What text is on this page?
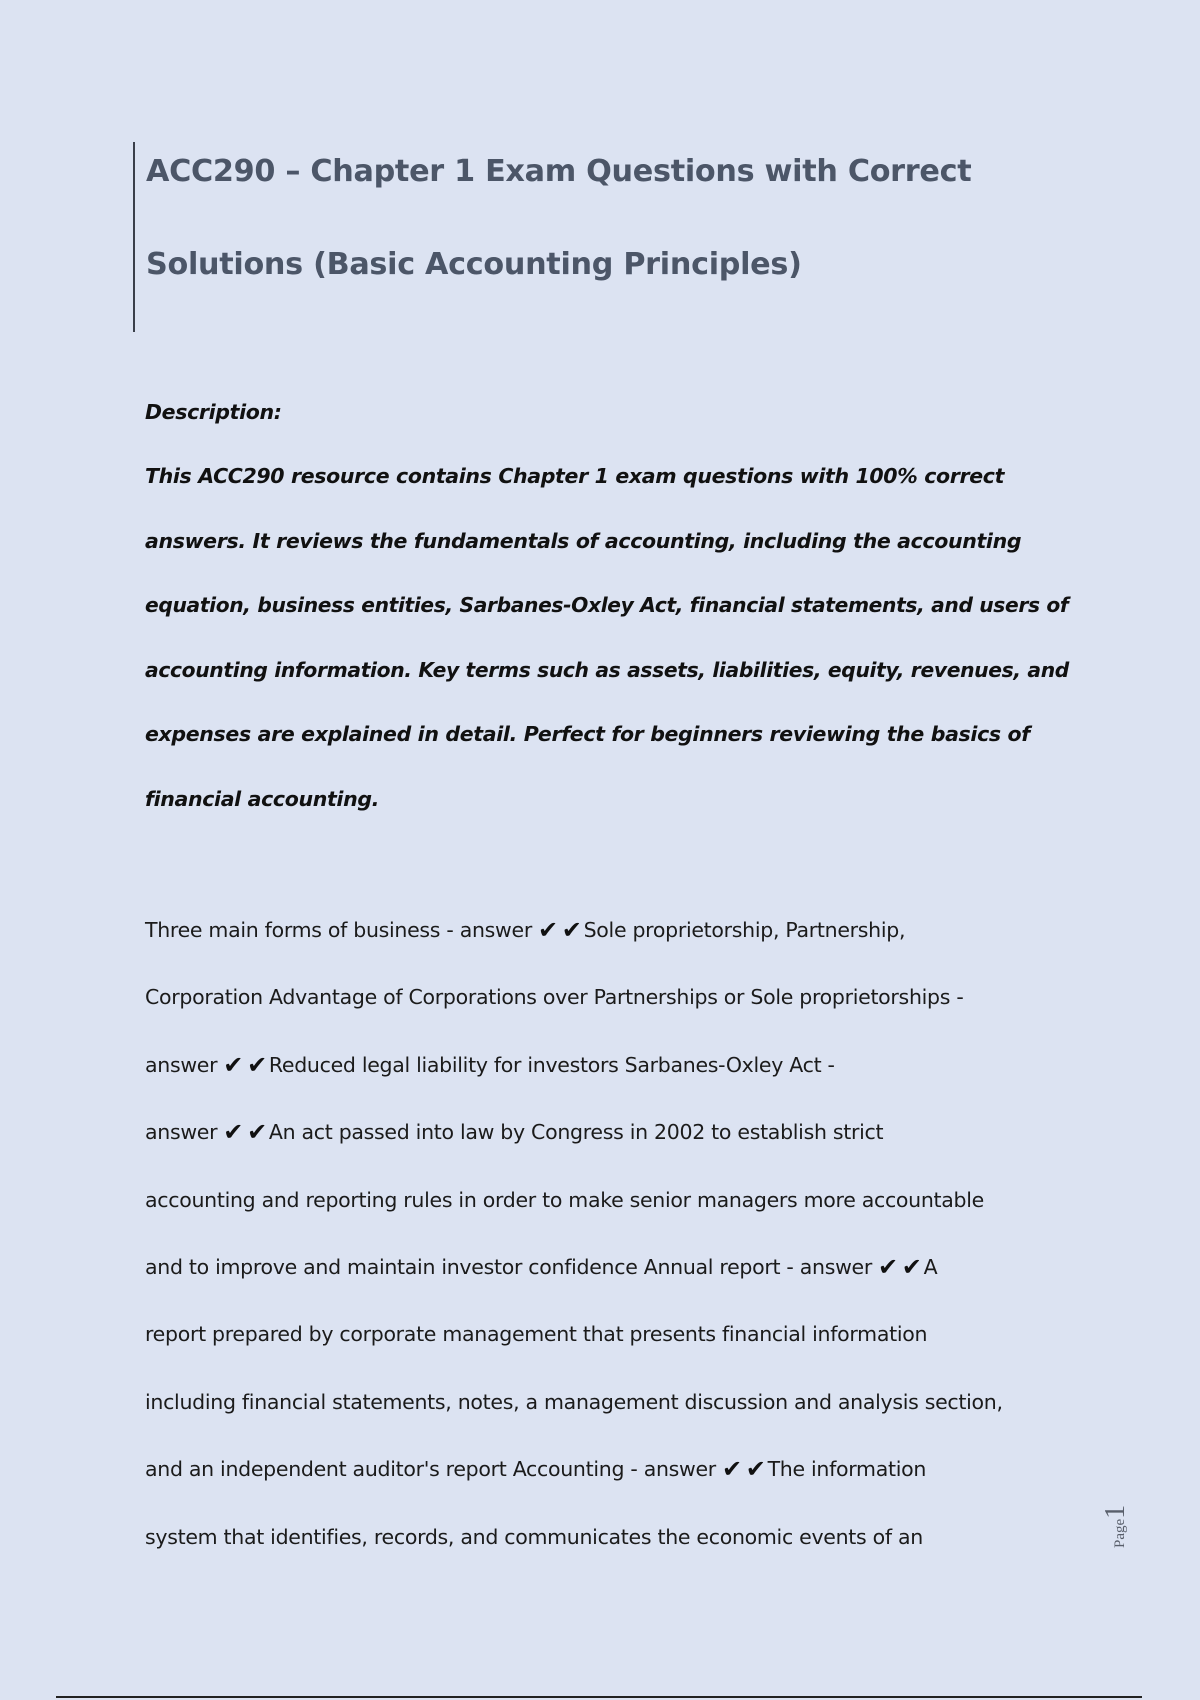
ACC290 – Chapter 1 Exam Questions with Correct
Solutions (Basic Accounting Principles)
Description:
This ACC290 resource contains Chapter 1 exam questions with 100% correct
answers. It reviews the fundamentals of accounting, including the accounting
equation, business entities, Sarbanes-Oxley Act, financial statements, and users of
accounting information. Key terms such as assets, liabilities, equity, revenues, and
expenses are explained in detail. Perfect for beginners reviewing the basics of
financial accounting.
Three main forms of business - answer ✔ ✔Sole proprietorship, Partnership,
Corporation Advantage of Corporations over Partnerships or Sole proprietorships -
answer ✔ ✔Reduced legal liability for investors Sarbanes-Oxley Act -
answer ✔ ✔An act passed into law by Congress in 2002 to establish strict
accounting and reporting rules in order to make senior managers more accountable
and to improve and maintain investor confidence Annual report - answer ✔ ✔A
report prepared by corporate management that presents financial information
including financial statements, notes, a management discussion and analysis section,
and an independent auditor's report Accounting - answer ✔ ✔The information
system that identifies, records, and communicates the economic events of an	Page1
